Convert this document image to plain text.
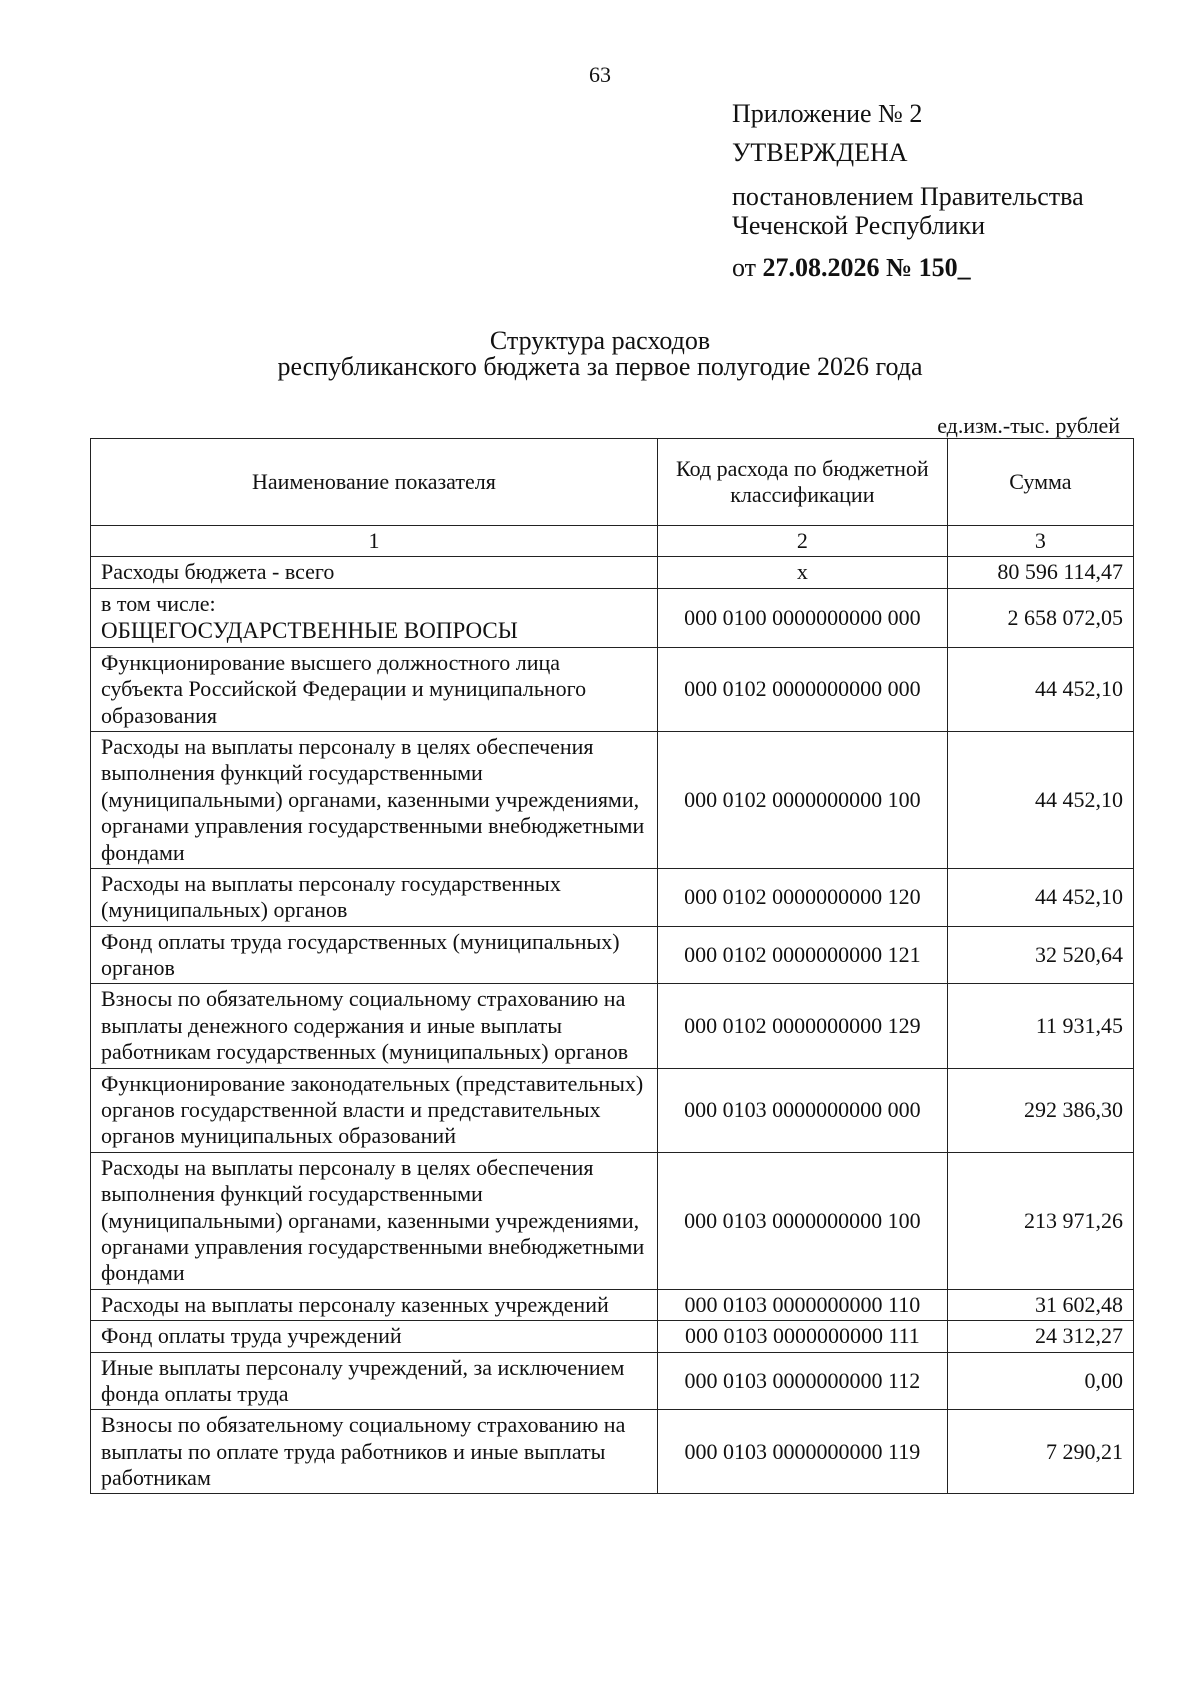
63
Приложение № 2
УТВЕРЖДЕНА
постановлением Правительства
Чеченской Республики
от 27.08.2026 № 150_
Структура расходов
республиканского бюджета за первое полугодие 2026 года
ед.изм.-тыс. рублей
Наименование показателя	Код расхода по бюджетной классификации	Сумма
1	2	3
Расходы бюджета - всего	x	80 596 114,47

в том числе:
ОБЩЕГОСУДАРСТВЕННЫЕ ВОПРОСЫ	000 0100 0000000000 000	2 658 072,05
Функционирование высшего должностного лица субъекта Российской Федерации и муниципального образования	000 0102 0000000000 000	44 452,10
Расходы на выплаты персоналу в целях обеспечения выполнения функций государственными (муниципальными) органами, казенными учреждениями, органами управления государственными внебюджетными фондами	000 0102 0000000000 100	44 452,10
Расходы на выплаты персоналу государственных (муниципальных) органов	000 0102 0000000000 120	44 452,10
Фонд оплаты труда государственных (муниципальных) органов	000 0102 0000000000 121	32 520,64
Взносы по обязательному социальному страхованию на выплаты денежного содержания и иные выплаты работникам государственных (муниципальных) органов	000 0102 0000000000 129	11 931,45
Функционирование законодательных (представительных) органов государственной власти и представительных органов муниципальных образований	000 0103 0000000000 000	292 386,30
Расходы на выплаты персоналу в целях обеспечения выполнения функций государственными (муниципальными) органами, казенными учреждениями, органами управления государственными внебюджетными фондами	000 0103 0000000000 100	213 971,26
Расходы на выплаты персоналу казенных учреждений	000 0103 0000000000 110	31 602,48
Фонд оплаты труда учреждений	000 0103 0000000000 111	24 312,27
Иные выплаты персоналу учреждений, за исключением фонда оплаты труда	000 0103 0000000000 112	0,00
Взносы по обязательному социальному страхованию на выплаты по оплате труда работников и иные выплаты работникам	000 0103 0000000000 119	7 290,21
